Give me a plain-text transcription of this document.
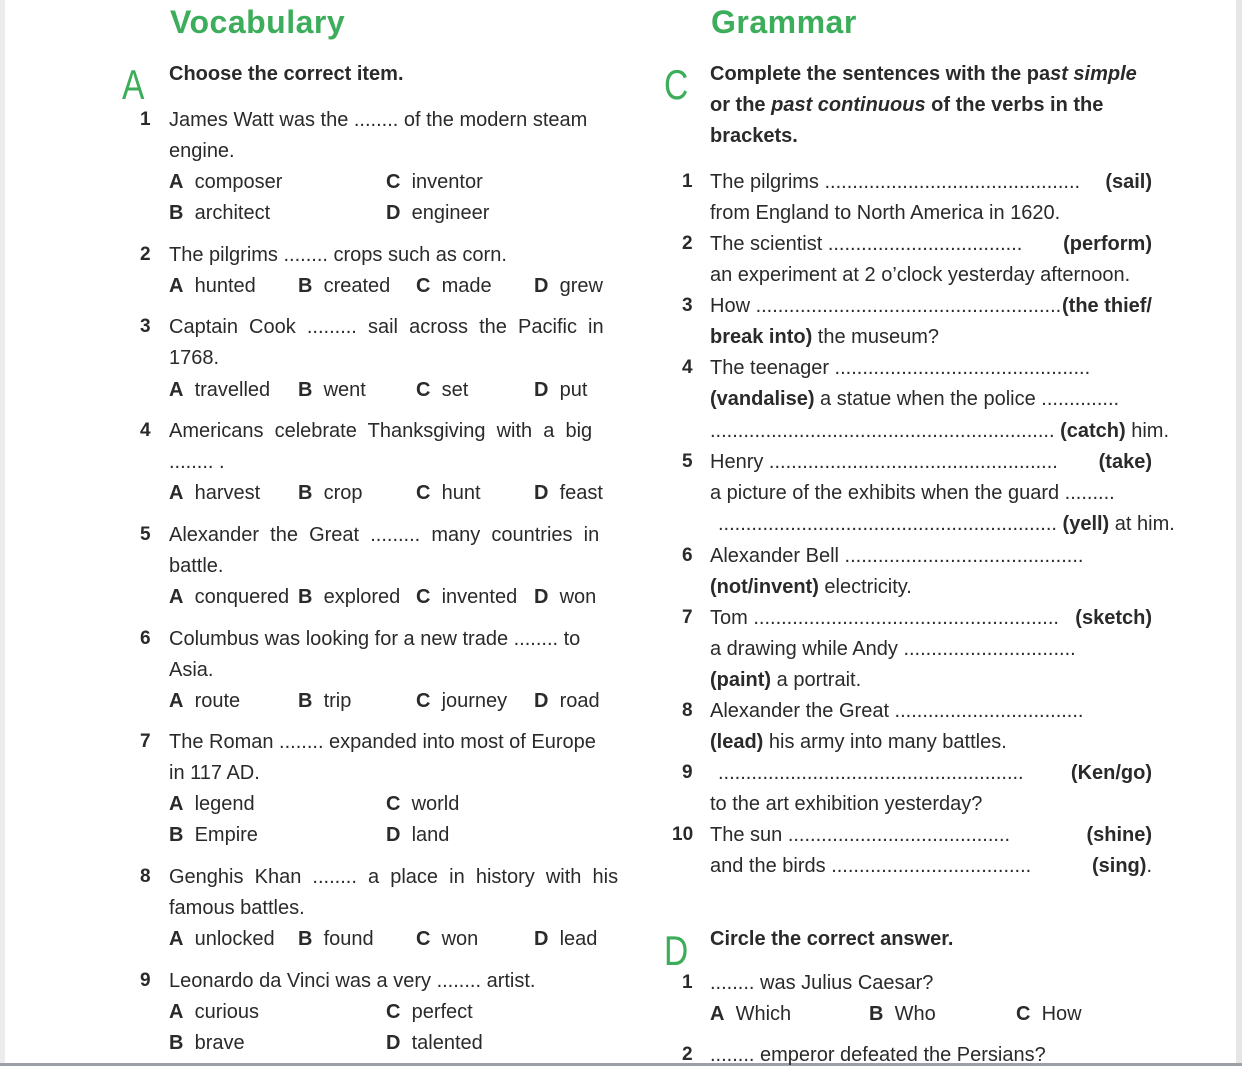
Vocabulary
A Choose the correct item.
1 James Watt was the ........ of the modern steam
engine.
A composer	C inventor
B architect	D engineer
2 The pilgrims ........ crops such as corn.
A hunted B created C made D grew
3 Captain  Cook  .........  sail  across  the  Pacific  in
1768.
A travelled B went	C set	D put
4 Americans  celebrate  Thanksgiving  with  a  big
........ .
A harvest B crop	C hunt	D feast
5 Alexander  the  Great  .........  many  countries  in
battle.
A conquered B explored C invented D won
6 Columbus was looking for a new trade ........ to
Asia.
A route	B trip	C journey D road
7 The Roman ........ expanded into most of Europe
in 117 AD.
A legend	C world
B Empire	D land
8 Genghis  Khan  ........  a  place  in  history  with  his
famous battles.
A unlocked B found C won	D lead
9 Leonardo da Vinci was a very ........ artist.
A curious	C perfect
B brave	D talented
Grammar
C Complete the sentences with the past simple
or the past continuous of the verbs in the
brackets.
1 The pilgrims .............................................. (sail)
from England to North America in 1620.
2 The scientist ................................... (perform)
an experiment at 2 o’clock yesterday afternoon.
3 How ....................................................... (the thief/
break into) the museum?
4 The teenager ..............................................
(vandalise) a statue when the police ..............
.............................................................. (catch) him.
5 Henry .................................................... (take)
a picture of the exhibits when the guard .........
............................................................. (yell) at him.
6 Alexander Bell ...........................................
(not/invent) electricity.
7 Tom ....................................................... (sketch)
a drawing while Andy ...............................
(paint) a portrait.
8 Alexander the Great ..................................
(lead) his army into many battles.
9 ....................................................... (Ken/go)
to the art exhibition yesterday?
10 The sun ........................................	(shine)
and the birds ....................................	(sing).
D Circle the correct answer.
1 ........ was Julius Caesar?
A Which	B Who	C How
2 ........ emperor defeated the Persians?
